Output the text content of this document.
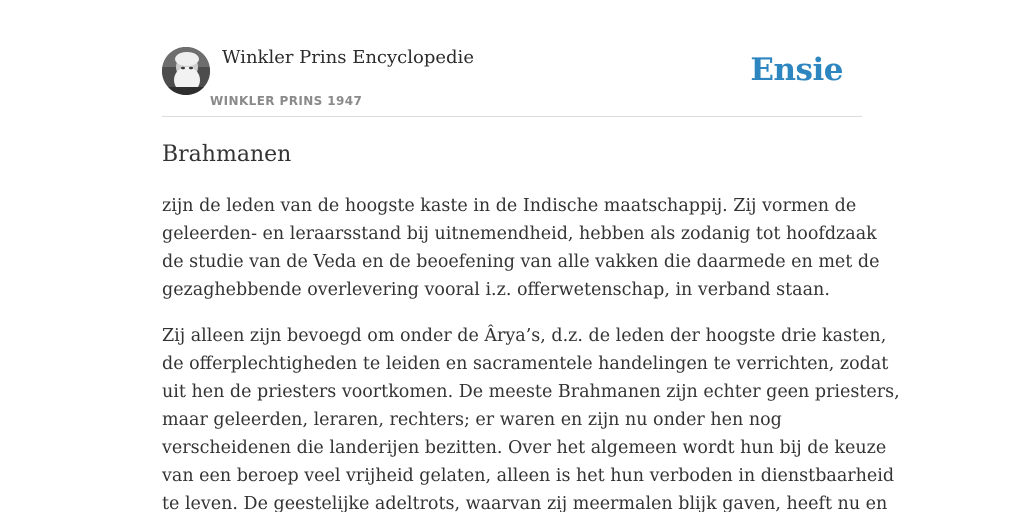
Winkler Prins Encyclopedie
WINKLER PRINS 1947
Ensie
Brahmanen

zijn de leden van de hoogste kaste in de Indische maatschappij. Zij vormen de
geleerden- en leraarsstand bij uitnemendheid, hebben als zodanig tot hoofdzaak
de studie van de Veda en de beoefening van alle vakken die daarmede en met de
gezaghebbende overlevering vooral i.z. offerwetenschap, in verband staan.

Zij alleen zijn bevoegd om onder de Ârya’s, d.z. de leden der hoogste drie kasten,
de offerplechtigheden te leiden en sacramentele handelingen te verrichten, zodat
uit hen de priesters voortkomen. De meeste Brahmanen zijn echter geen priesters,
maar geleerden, leraren, rechters; er waren en zijn nu onder hen nog
verscheidenen die landerijen bezitten. Over het algemeen wordt hun bij de keuze
van een beroep veel vrijheid gelaten, alleen is het hun verboden in dienstbaarheid
te leven. De geestelijke adeltrots, waarvan zij meermalen blijk gaven, heeft nu en
